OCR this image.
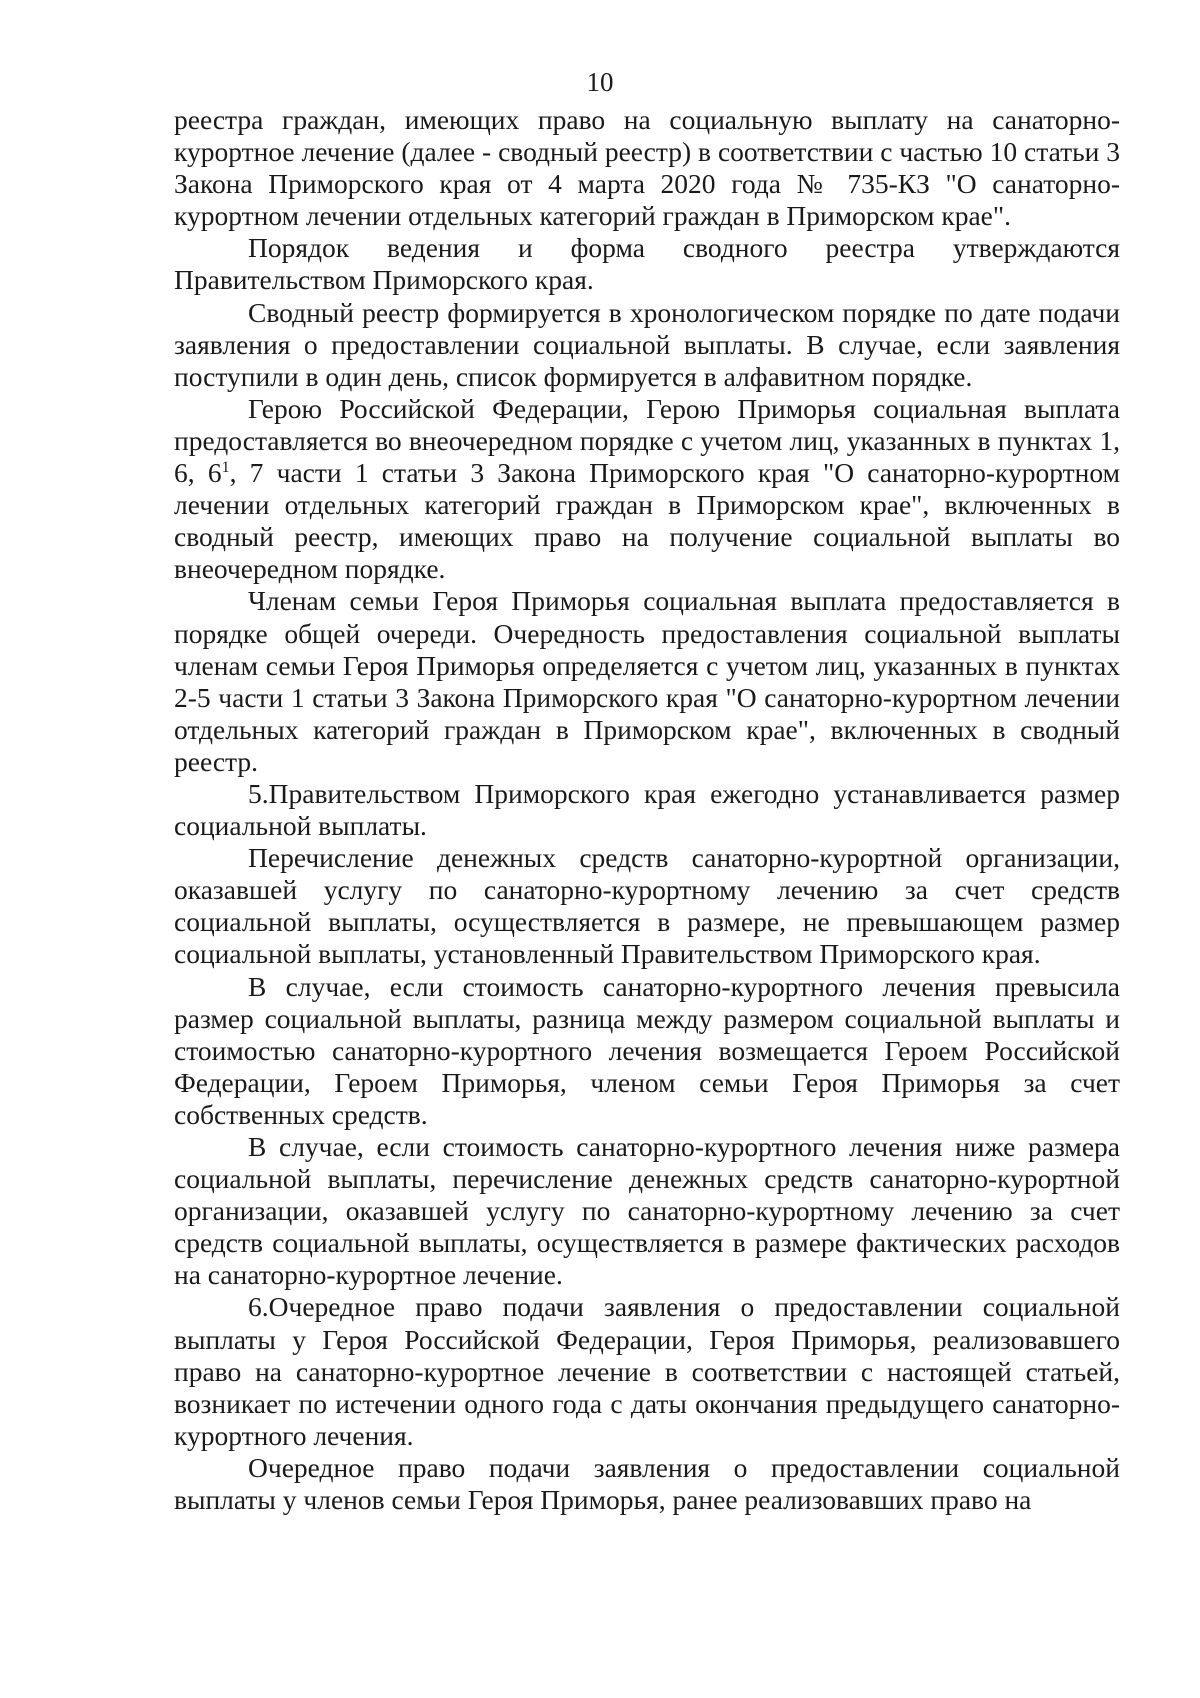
10

реестра граждан, имеющих право на социальную выплату на санаторно-курортное лечение (далее - сводный реестр) в соответствии с частью 10 статьи 3 Закона Приморского края от 4 марта 2020 года № 735-КЗ "О санаторно-курортном лечении отдельных категорий граждан в Приморском крае".

Порядок ведения и форма сводного реестра утверждаются Правительством Приморского края.

Сводный реестр формируется в хронологическом порядке по дате подачи заявления о предоставлении социальной выплаты. В случае, если заявления поступили в один день, список формируется в алфавитном порядке.

Герою Российской Федерации, Герою Приморья социальная выплата предоставляется во внеочередном порядке с учетом лиц, указанных в пунктах 1, 6, $6^1$, 7 части 1 статьи 3 Закона Приморского края "О санаторно-курортном лечении отдельных категорий граждан в Приморском крае", включенных в сводный реестр, имеющих право на получение социальной выплаты во внеочередном порядке.

Членам семьи Героя Приморья социальная выплата предоставляется в порядке общей очереди. Очередность предоставления социальной выплаты членам семьи Героя Приморья определяется с учетом лиц, указанных в пунктах 2-5 части 1 статьи 3 Закона Приморского края "О санаторно-курортном лечении отдельных категорий граждан в Приморском крае", включенных в сводный реестр.

5.Правительством Приморского края ежегодно устанавливается размер социальной выплаты.

Перечисление денежных средств санаторно-курортной организации, оказавшей услугу по санаторно-курортному лечению за счет средств социальной выплаты, осуществляется в размере, не превышающем размер социальной выплаты, установленный Правительством Приморского края.

В случае, если стоимость санаторно-курортного лечения превысила размер социальной выплаты, разница между размером социальной выплаты и стоимостью санаторно-курортного лечения возмещается Героем Российской Федерации, Героем Приморья, членом семьи Героя Приморья за счет собственных средств.

В случае, если стоимость санаторно-курортного лечения ниже размера социальной выплаты, перечисление денежных средств санаторно-курортной организации, оказавшей услугу по санаторно-курортному лечению за счет средств социальной выплаты, осуществляется в размере фактических расходов на санаторно-курортное лечение.

6.Очередное право подачи заявления о предоставлении социальной выплаты у Героя Российской Федерации, Героя Приморья, реализовавшего право на санаторно-курортное лечение в соответствии с настоящей статьей, возникает по истечении одного года с даты окончания предыдущего санаторно-курортного лечения.

Очередное право подачи заявления о предоставлении социальной выплаты у членов семьи Героя Приморья, ранее реализовавших право на
